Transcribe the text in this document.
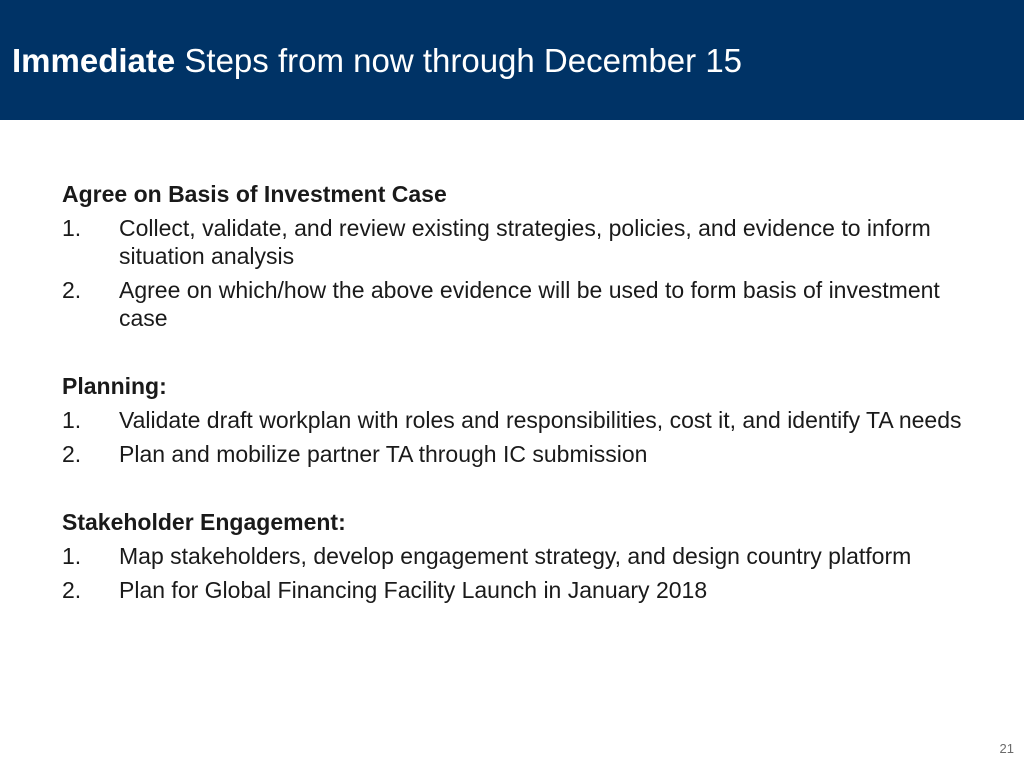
Immediate Steps from now through December 15
Agree on Basis of Investment Case
1. Collect, validate, and review existing strategies, policies, and evidence to inform situation analysis
2. Agree on which/how the above evidence will be used to form basis of investment case
Planning:
1. Validate draft workplan with roles and responsibilities, cost it, and identify TA needs
2. Plan and mobilize partner TA through IC submission
Stakeholder Engagement:
1. Map stakeholders, develop engagement strategy, and design country platform
2. Plan for Global Financing Facility Launch in January 2018
21
